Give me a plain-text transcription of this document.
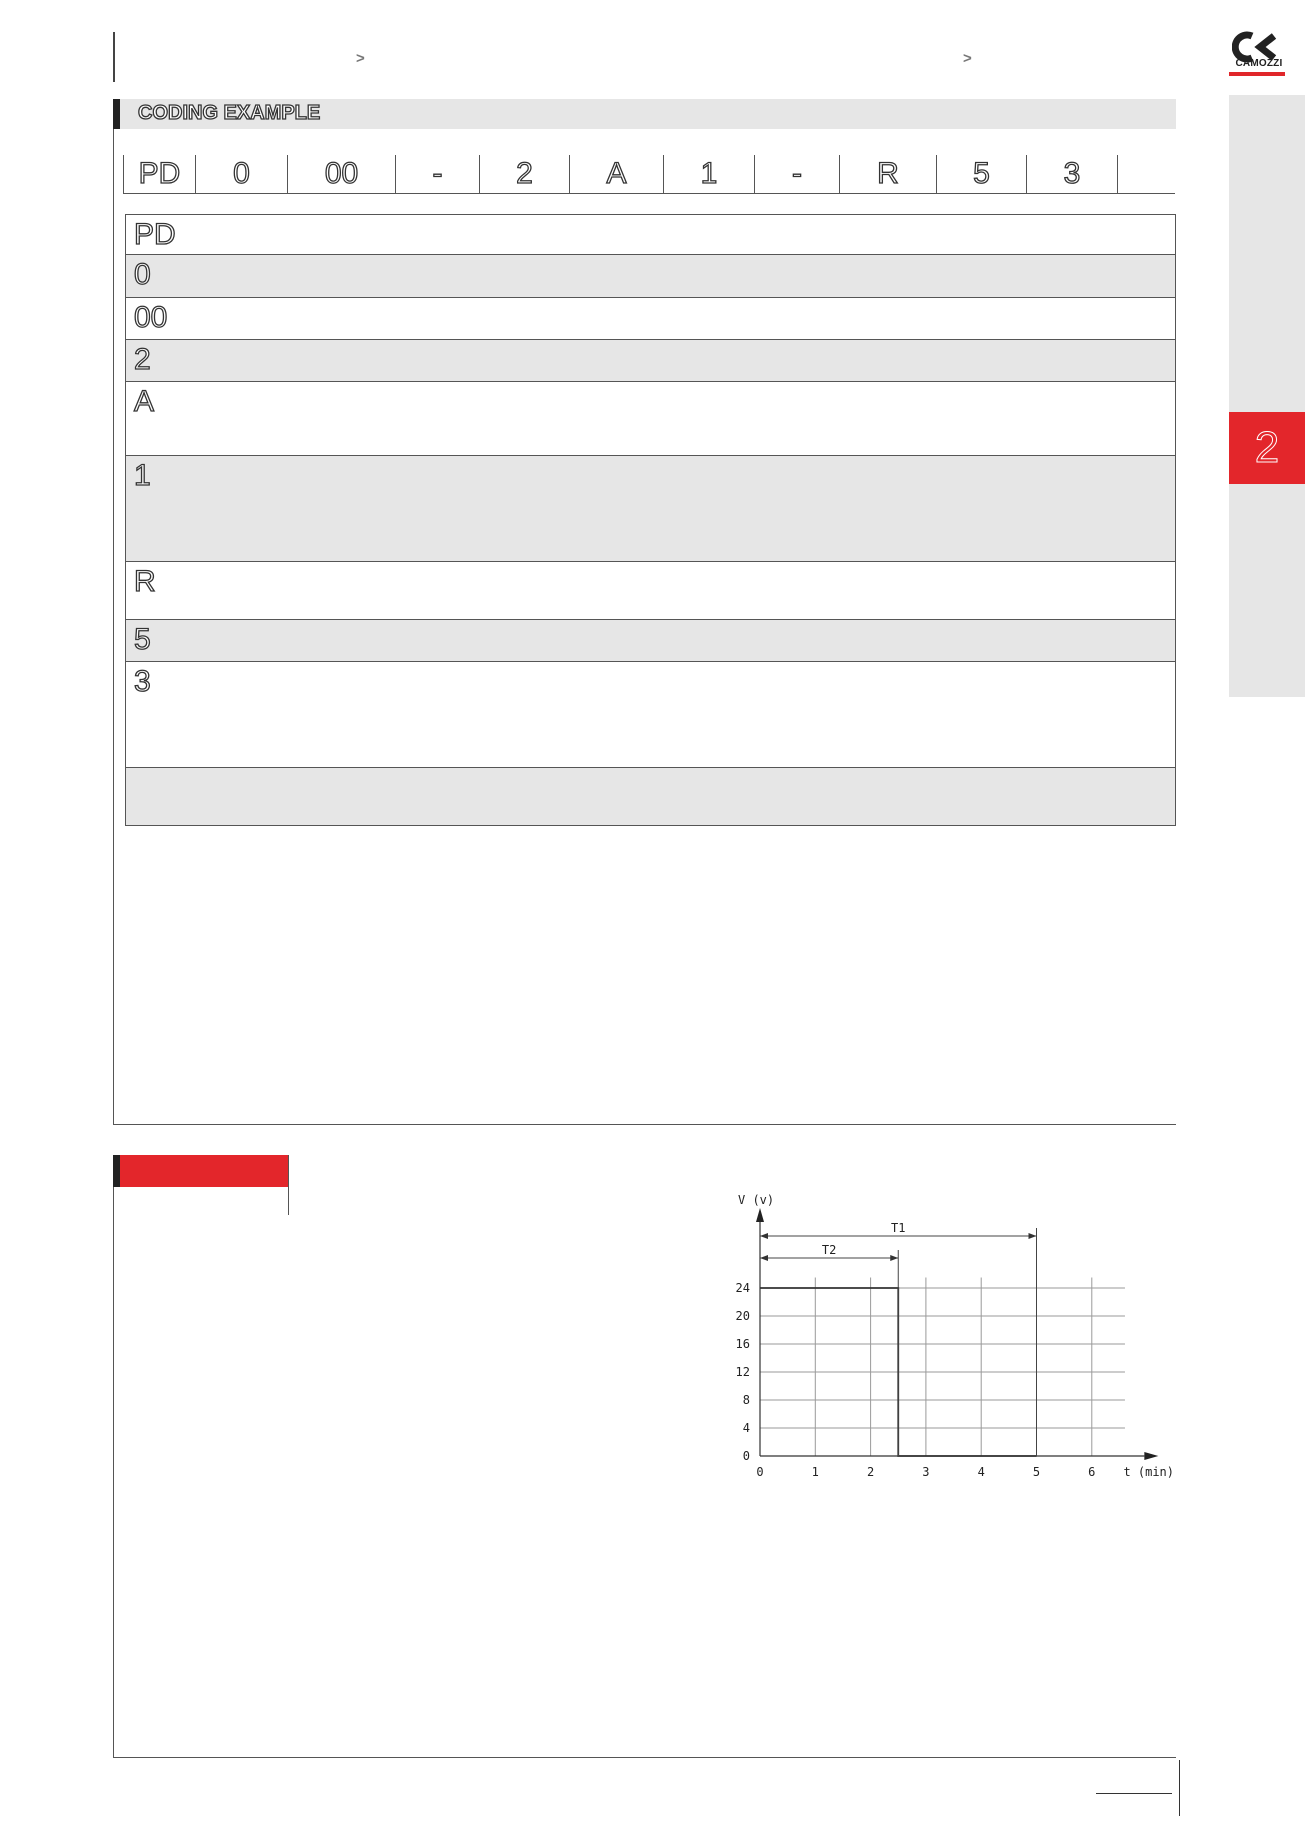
>	>	CAMOZZI
2
CODING EXAMPLE
PD 0 00 - 2 A 1 -	R 5 3
PD
0
00
2
A
1
R
5
3
0
4
8
12
16
20
24
0	1	2	3	4	5	6
V (v)
t (min)
T1
T2
